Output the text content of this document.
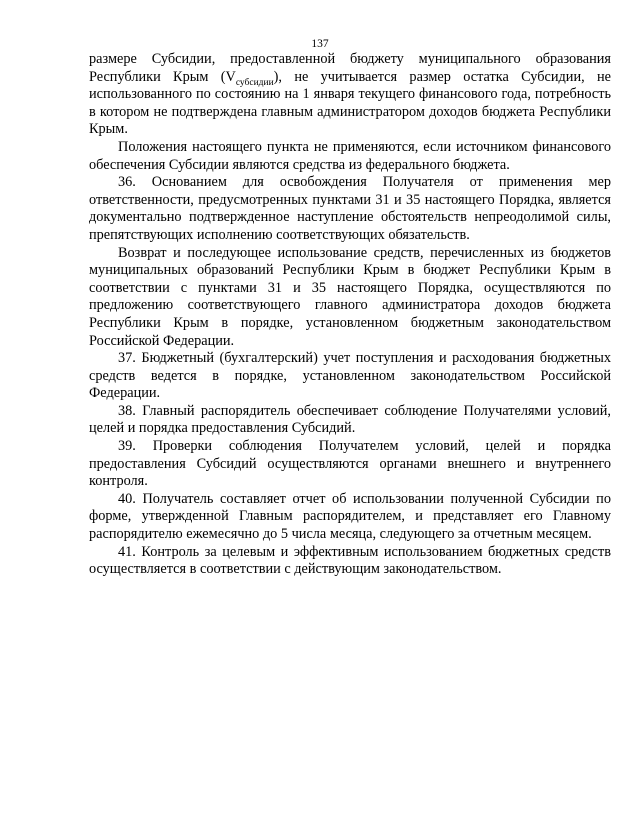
137

размере Субсидии, предоставленной бюджету муниципального образования Республики Крым $(V_{субсидии})$, не учитывается размер остатка Субсидии, не использованного по состоянию на 1 января текущего финансового года, потребность в котором не подтверждена главным администратором доходов бюджета Республики Крым.

Положения настоящего пункта не применяются, если источником финансового обеспечения Субсидии являются средства из федерального бюджета.

36. Основанием для освобождения Получателя от применения мер ответственности, предусмотренных пунктами 31 и 35 настоящего Порядка, является документально подтвержденное наступление обстоятельств непреодолимой силы, препятствующих исполнению соответствующих обязательств.

Возврат и последующее использование средств, перечисленных из бюджетов муниципальных образований Республики Крым в бюджет Республики Крым в соответствии с пунктами 31 и 35 настоящего Порядка, осуществляются по предложению соответствующего главного администратора доходов бюджета Республики Крым в порядке, установленном бюджетным законодательством Российской Федерации.

37. Бюджетный (бухгалтерский) учет поступления и расходования бюджетных средств ведется в порядке, установленном законодательством Российской Федерации.

38. Главный распорядитель обеспечивает соблюдение Получателями условий, целей и порядка предоставления Субсидий.

39. Проверки соблюдения Получателем условий, целей и порядка предоставления Субсидий осуществляются органами внешнего и внутреннего контроля.

40. Получатель составляет отчет об использовании полученной Субсидии по форме, утвержденной Главным распорядителем, и представляет его Главному распорядителю ежемесячно до 5 числа месяца, следующего за отчетным месяцем.

41. Контроль за целевым и эффективным использованием бюджетных средств осуществляется в соответствии с действующим законодательством.
